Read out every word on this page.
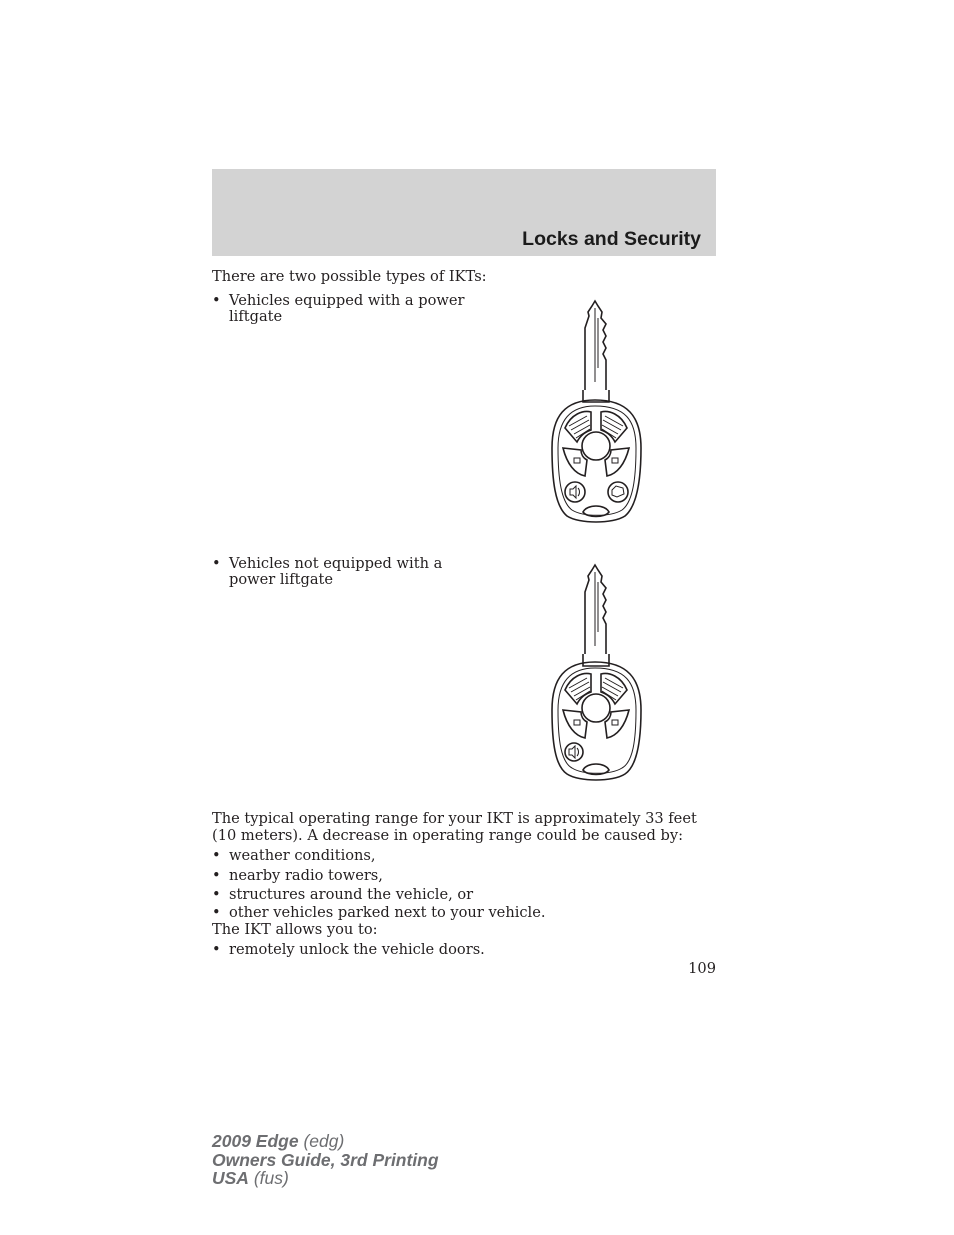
Locks and Security
There are two possible types of IKTs:
• Vehicles equipped with a power
liftgate
• Vehicles not equipped with a
power liftgate
The typical operating range for your IKT is approximately 33 feet
(10 meters). A decrease in operating range could be caused by:
• weather conditions,
• nearby radio towers,
• structures around the vehicle, or
• other vehicles parked next to your vehicle.
The IKT allows you to:
• remotely unlock the vehicle doors.
109
2009 Edge (edg)
Owners Guide, 3rd Printing
USA (fus)
